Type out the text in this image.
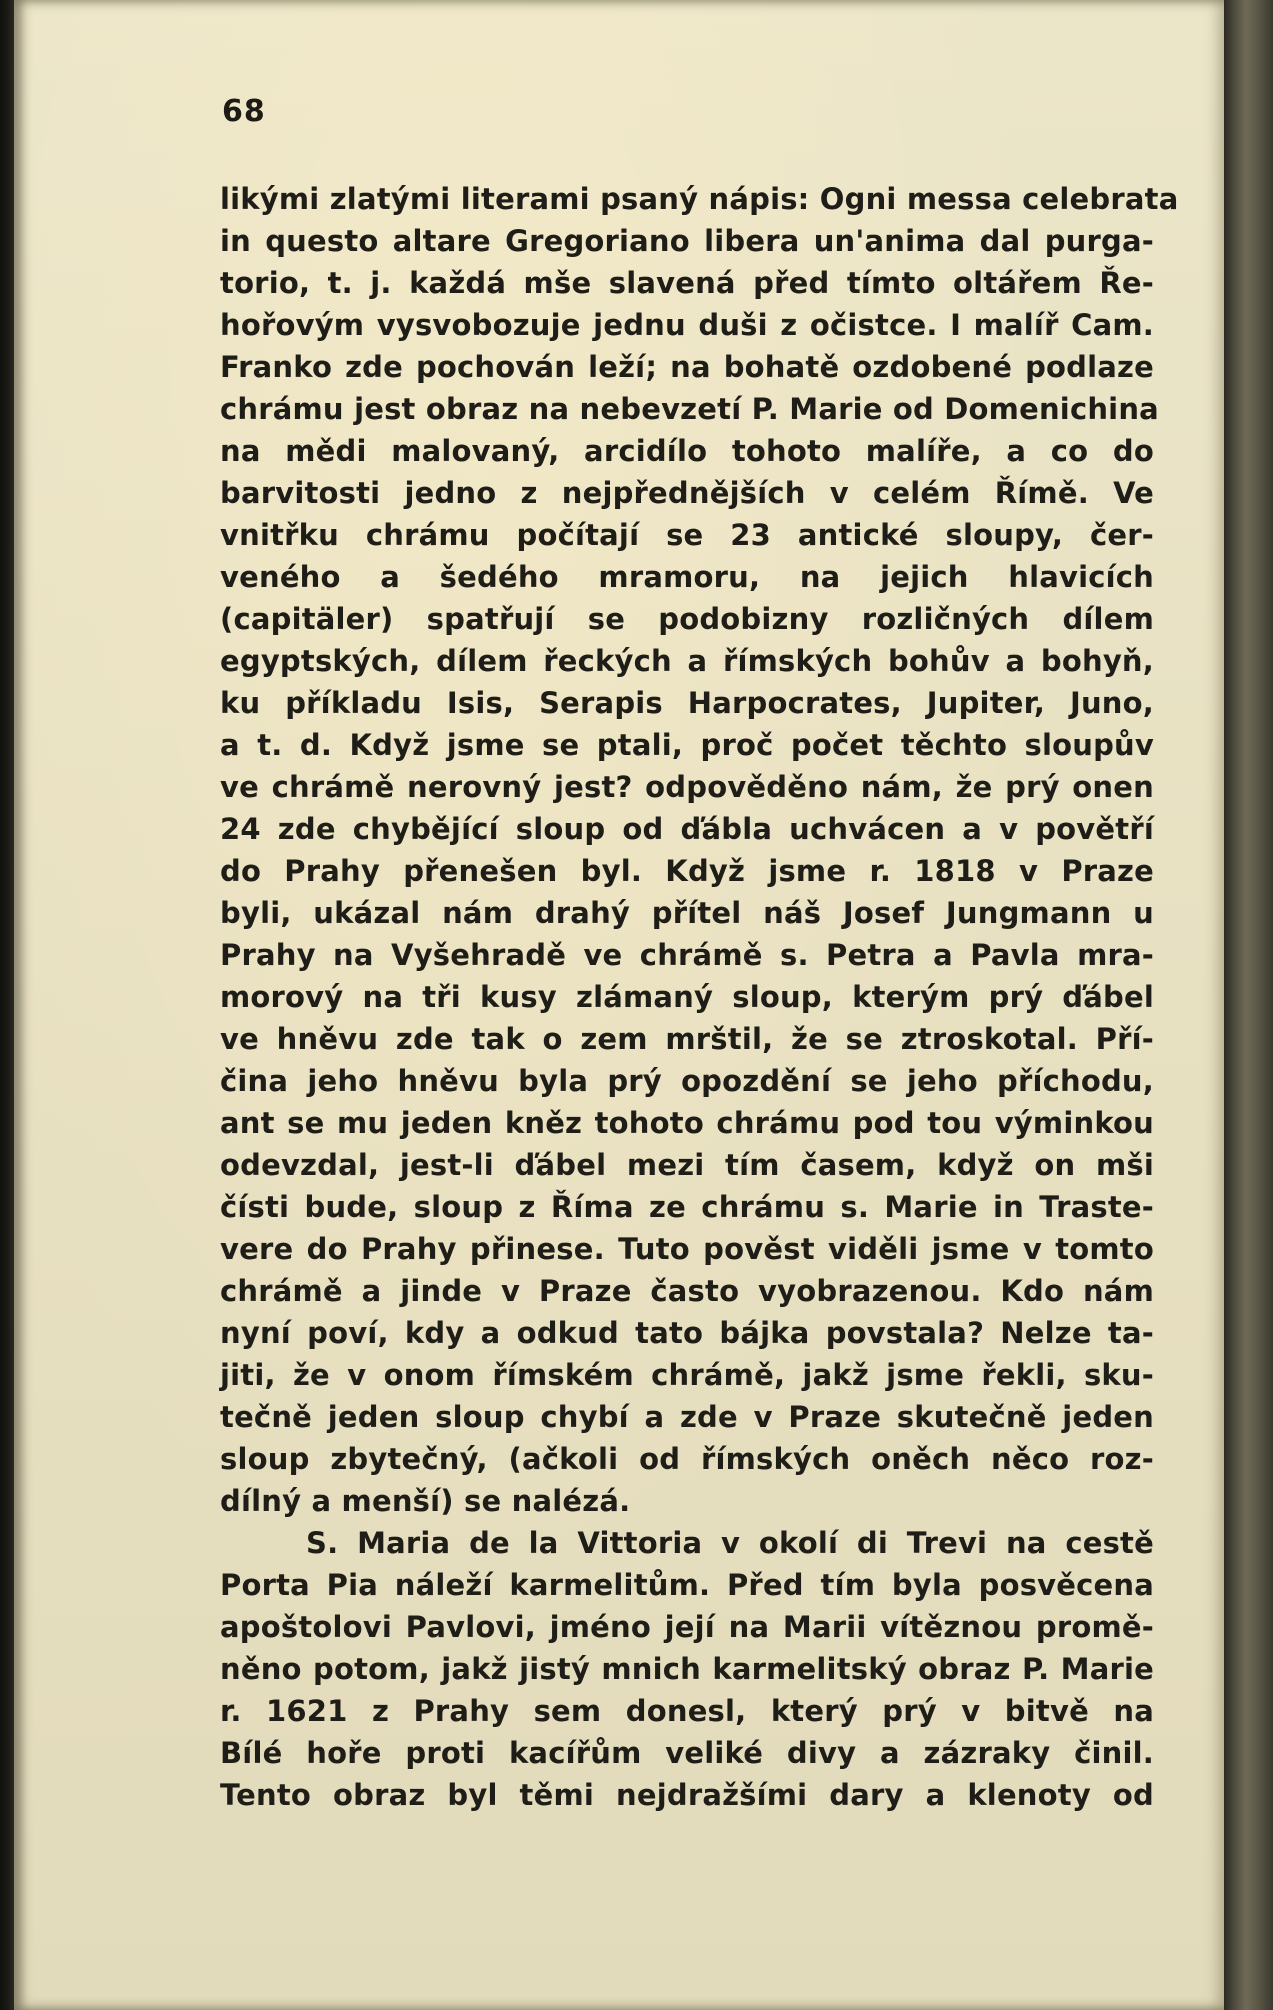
68
likými zlatými literami psaný nápis: Ogni messa celebrata
in questo altare Gregoriano libera un'anima dal purga-
torio, t. j. každá mše slavená před tímto oltářem Ře-
hořovým vysvobozuje jednu duši z očistce. I malíř Cam.
Franko zde pochován leží; na bohatě ozdobené podlaze
chrámu jest obraz na nebevzetí P. Marie od Domenichina
na mědi malovaný, arcidílo tohoto malíře, a co do
barvitosti jedno z nejpřednějších v celém Římě. Ve
vnitřku chrámu počítají se 23 antické sloupy, čer-
veného a šedého mramoru, na jejich hlavicích
(capitäler) spatřují se podobizny rozličných dílem
egyptských, dílem řeckých a římských bohův a bohyň,
ku příkladu Isis, Serapis Harpocrates, Jupiter, Juno,
a t. d. Když jsme se ptali, proč počet těchto sloupův
ve chrámě nerovný jest? odpověděno nám, že prý onen
24 zde chybějící sloup od ďábla uchvácen a v povětří
do Prahy přenešen byl. Když jsme r. 1818 v Praze
byli, ukázal nám drahý přítel náš Josef Jungmann u
Prahy na Vyšehradě ve chrámě s. Petra a Pavla mra-
morový na tři kusy zlámaný sloup, kterým prý ďábel
ve hněvu zde tak o zem mrštil, že se ztroskotal. Pří-
čina jeho hněvu byla prý opozdění se jeho příchodu,
ant se mu jeden kněz tohoto chrámu pod tou výminkou
odevzdal, jest-li ďábel mezi tím časem, když on mši
čísti bude, sloup z Říma ze chrámu s. Marie in Traste-
vere do Prahy přinese. Tuto pověst viděli jsme v tomto
chrámě a jinde v Praze často vyobrazenou. Kdo nám
nyní poví, kdy a odkud tato bájka povstala? Nelze ta-
jiti, že v onom římském chrámě, jakž jsme řekli, sku-
tečně jeden sloup chybí a zde v Praze skutečně jeden
sloup zbytečný, (ačkoli od římských oněch něco roz-
dílný a menší) se nalézá.
S. Maria de la Vittoria v okolí di Trevi na cestě
Porta Pia náleží karmelitům. Před tím byla posvěcena
apoštolovi Pavlovi, jméno její na Marii vítěznou promě-
něno potom, jakž jistý mnich karmelitský obraz P. Marie
r. 1621 z Prahy sem donesl, který prý v bitvě na
Bílé hoře proti kacířům veliké divy a zázraky činil.
Tento obraz byl těmi nejdražšími dary a klenoty od
